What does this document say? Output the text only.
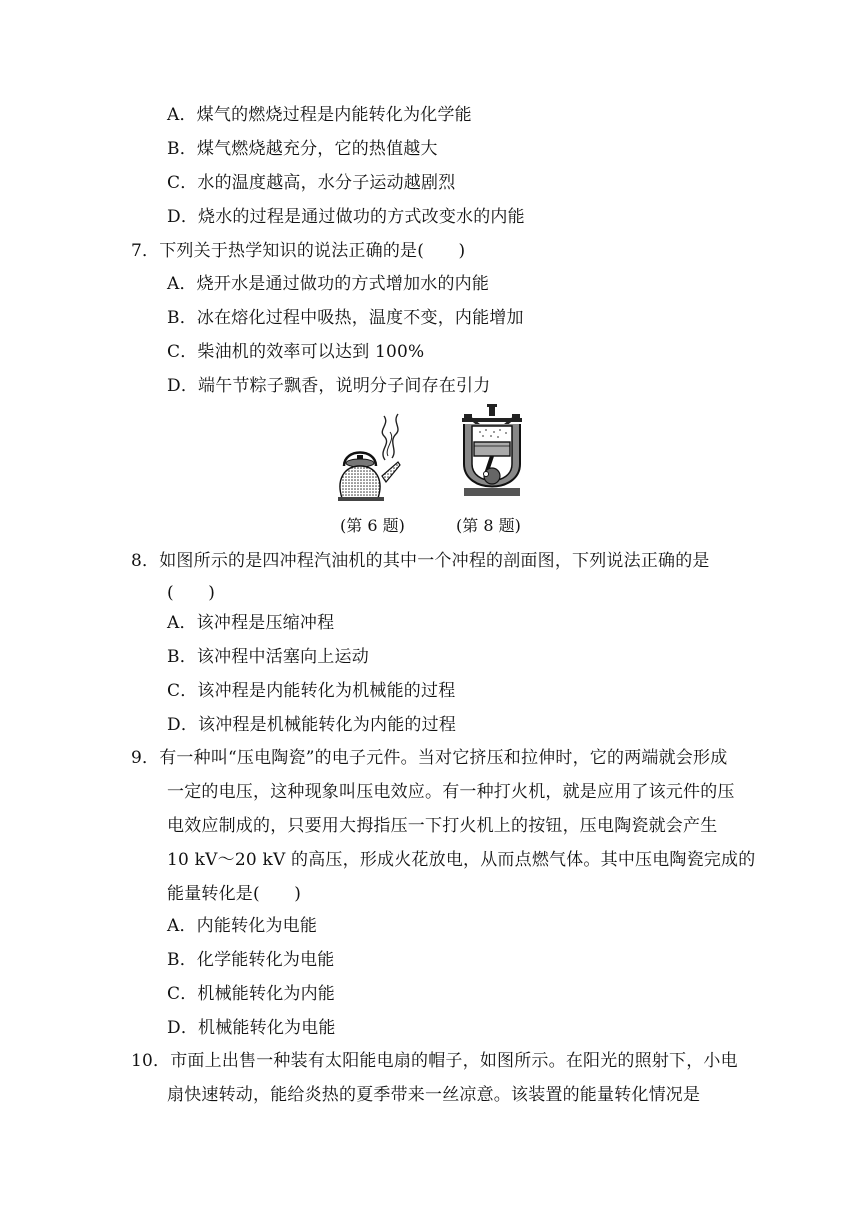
A．煤气的燃烧过程是内能转化为化学能
B．煤气燃烧越充分，它的热值越大
C．水的温度越高，水分子运动越剧烈
D．烧水的过程是通过做功的方式改变水的内能
7．下列关于热学知识的说法正确的是(　　)
A．烧开水是通过做功的方式增加水的内能
B．冰在熔化过程中吸热，温度不变，内能增加
C．柴油机的效率可以达到 100%
D．端午节粽子飘香，说明分子间存在引力
(第 6 题)	(第 8 题)
8．如图所示的是四冲程汽油机的其中一个冲程的剖面图，下列说法正确的是
(　　)
A．该冲程是压缩冲程
B．该冲程中活塞向上运动
C．该冲程是内能转化为机械能的过程
D．该冲程是机械能转化为内能的过程
9．有一种叫“压电陶瓷”的电子元件。当对它挤压和拉伸时，它的两端就会形成
一定的电压，这种现象叫压电效应。有一种打火机，就是应用了该元件的压
电效应制成的，只要用大拇指压一下打火机上的按钮，压电陶瓷就会产生
10 kV～20 kV 的高压，形成火花放电，从而点燃气体。其中压电陶瓷完成的
能量转化是(　　)
A．内能转化为电能
B．化学能转化为电能
C．机械能转化为内能
D．机械能转化为电能
10．市面上出售一种装有太阳能电扇的帽子，如图所示。在阳光的照射下，小电
扇快速转动，能给炎热的夏季带来一丝凉意。该装置的能量转化情况是
